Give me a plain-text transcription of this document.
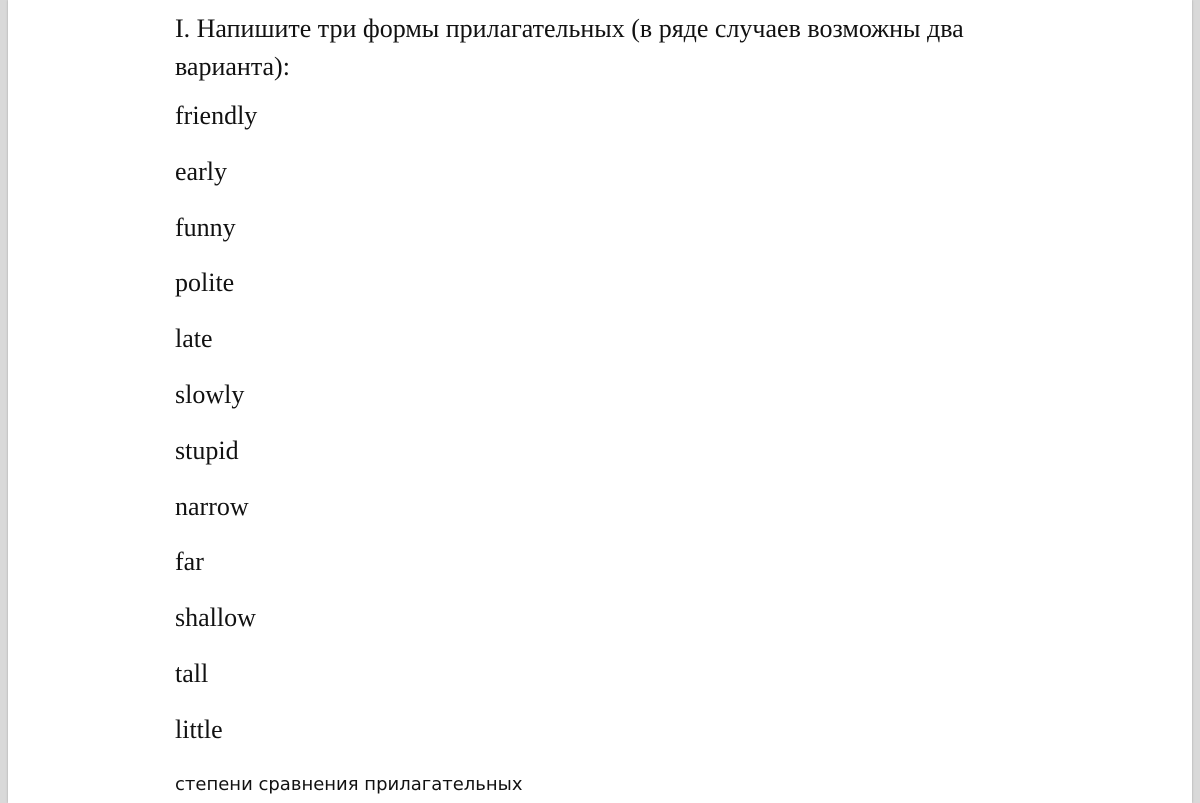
I. Напишите три формы прилагательных (в ряде случаев возможны два варианта):

friendly
early
funny
polite
late
slowly
stupid
narrow
far
shallow
tall
little
степени сравнения прилагательных
